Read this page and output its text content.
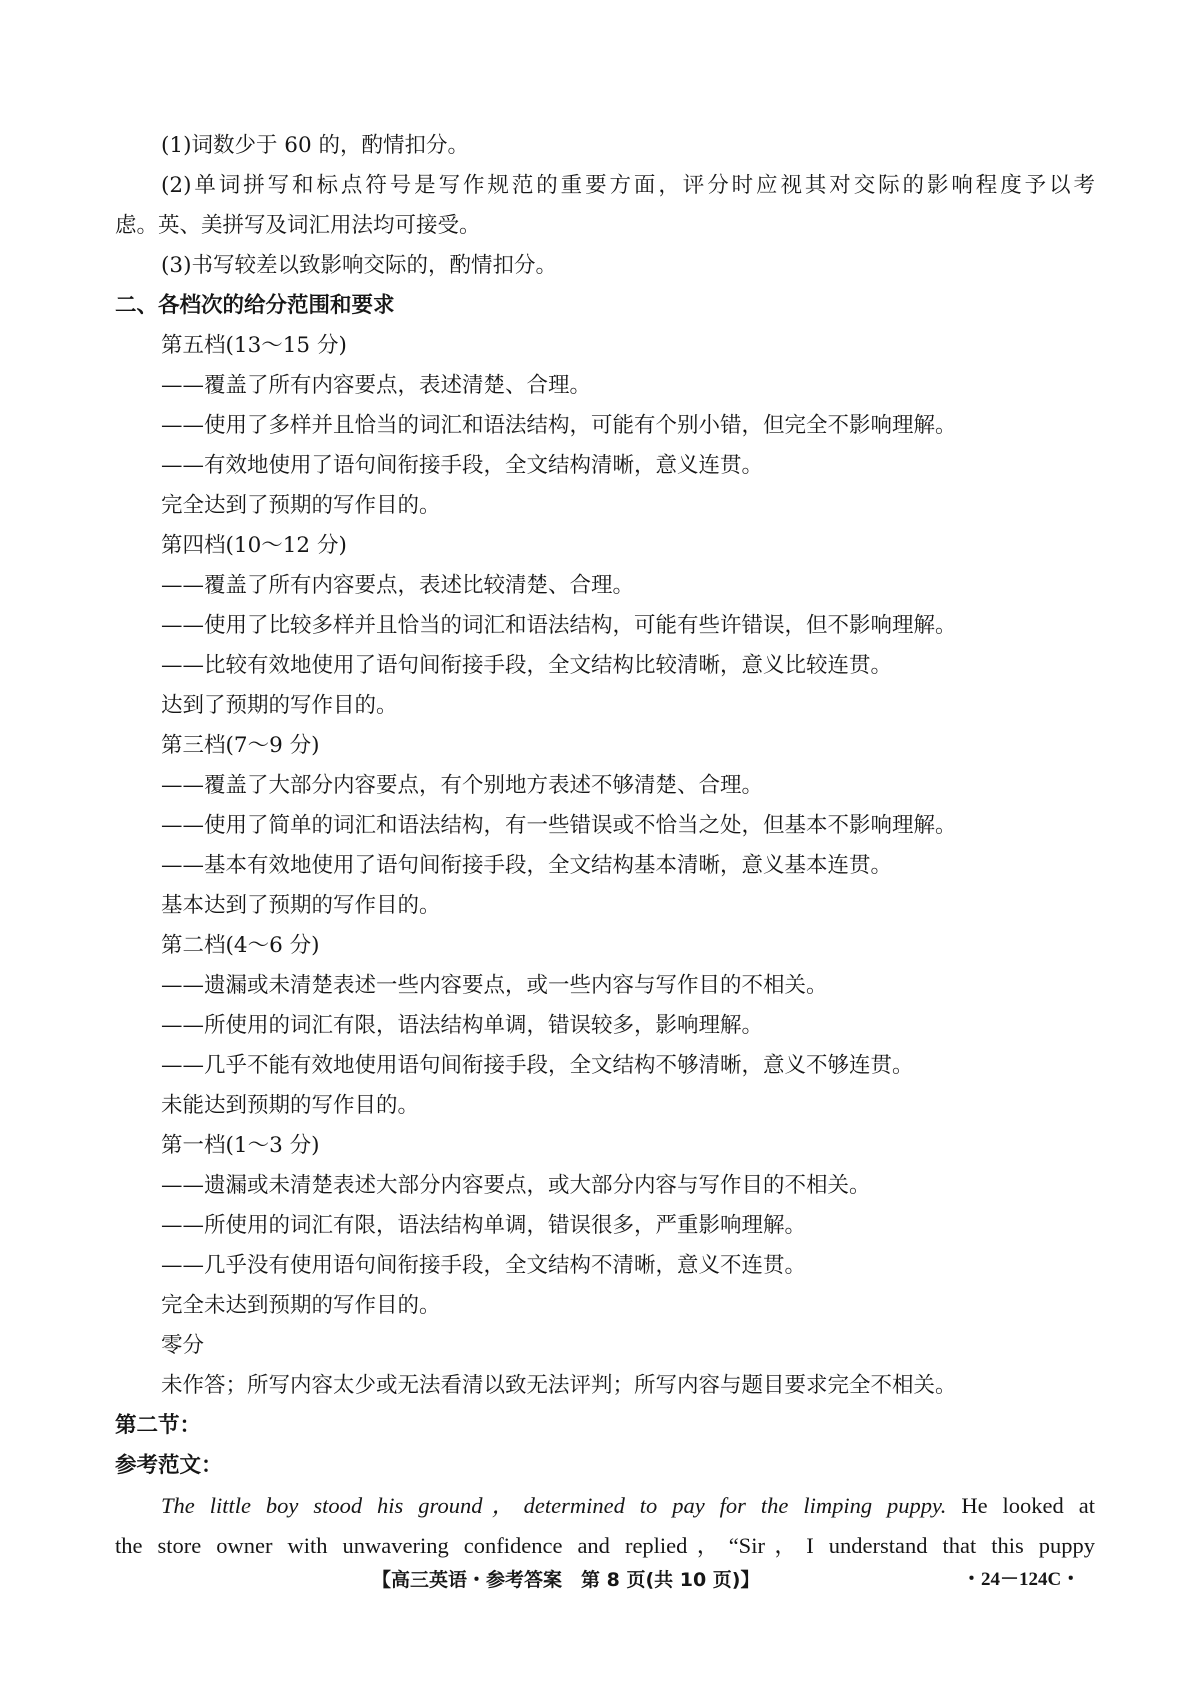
(1)词数少于 60 的，酌情扣分。
(2)单词拼写和标点符号是写作规范的重要方面，评分时应视其对交际的影响程度予以考
虑。英、美拼写及词汇用法均可接受。
(3)书写较差以致影响交际的，酌情扣分。
二、各档次的给分范围和要求
第五档(13～15 分)
——覆盖了所有内容要点，表述清楚、合理。
——使用了多样并且恰当的词汇和语法结构，可能有个别小错，但完全不影响理解。
——有效地使用了语句间衔接手段，全文结构清晰，意义连贯。
完全达到了预期的写作目的。
第四档(10～12 分)
——覆盖了所有内容要点，表述比较清楚、合理。
——使用了比较多样并且恰当的词汇和语法结构，可能有些许错误，但不影响理解。
——比较有效地使用了语句间衔接手段，全文结构比较清晰，意义比较连贯。
达到了预期的写作目的。
第三档(7～9 分)
——覆盖了大部分内容要点，有个别地方表述不够清楚、合理。
——使用了简单的词汇和语法结构，有一些错误或不恰当之处，但基本不影响理解。
——基本有效地使用了语句间衔接手段，全文结构基本清晰，意义基本连贯。
基本达到了预期的写作目的。
第二档(4～6 分)
——遗漏或未清楚表述一些内容要点，或一些内容与写作目的不相关。
——所使用的词汇有限，语法结构单调，错误较多，影响理解。
——几乎不能有效地使用语句间衔接手段，全文结构不够清晰，意义不够连贯。
未能达到预期的写作目的。
第一档(1～3 分)
——遗漏或未清楚表述大部分内容要点，或大部分内容与写作目的不相关。
——所使用的词汇有限，语法结构单调，错误很多，严重影响理解。
——几乎没有使用语句间衔接手段，全文结构不清晰，意义不连贯。
完全未达到预期的写作目的。
零分
未作答；所写内容太少或无法看清以致无法评判；所写内容与题目要求完全不相关。
第二节：
参考范文：
The little boy stood his ground，determined to pay for the limping puppy. He looked at
the store owner with unwavering confidence and replied，“Sir，I understand that this puppy
【高三英语・参考答案　第 8 页(共 10 页)】	・24－124C・
